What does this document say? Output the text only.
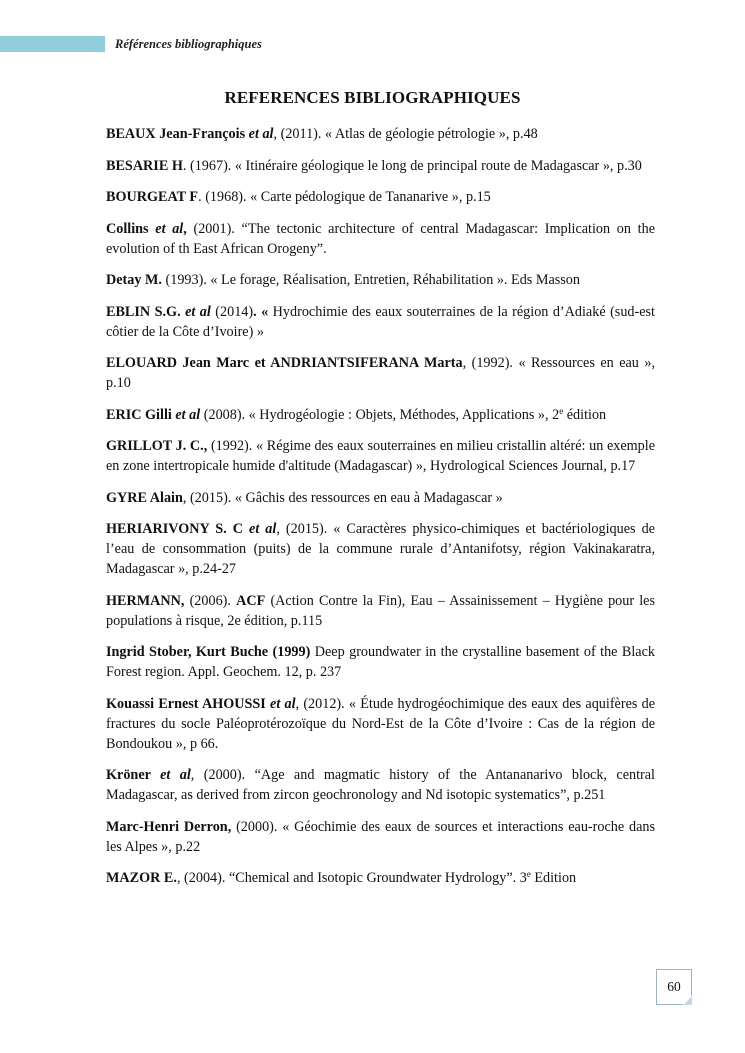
Références bibliographiques
REFERENCES BIBLIOGRAPHIQUES

BEAUX Jean-François et al, (2011). « Atlas de géologie pétrologie », p.48

BESARIE H. (1967). « Itinéraire géologique le long de principal route de Madagascar », p.30

BOURGEAT F. (1968). « Carte pédologique de Tananarive », p.15

Collins et al, (2001). “The tectonic architecture of central Madagascar: Implication on the evolution of th East African Orogeny”.

Detay M. (1993). « Le forage, Réalisation, Entretien, Réhabilitation ». Eds Masson

EBLIN S.G. et al (2014). « Hydrochimie des eaux souterraines de la région d’Adiaké (sud-est côtier de la Côte d’Ivoire) »

ELOUARD Jean Marc et ANDRIANTSIFERANA Marta, (1992). « Ressources en eau », p.10

ERIC Gilli et al (2008). « Hydrogéologie : Objets, Méthodes, Applications », 2e édition

GRILLOT J. C., (1992). « Régime des eaux souterraines en milieu cristallin altéré: un exemple en zone intertropicale humide d'altitude (Madagascar) », Hydrological Sciences Journal, p.17

GYRE Alain, (2015). « Gâchis des ressources en eau à Madagascar »

HERIARIVONY S. C et al, (2015). « Caractères physico-chimiques et bactériologiques de l’eau de consommation (puits) de la commune rurale d’Antanifotsy, région Vakinakaratra, Madagascar », p.24-27

HERMANN, (2006). ACF (Action Contre la Fin), Eau – Assainissement – Hygiène pour les populations à risque, 2e édition, p.115

Ingrid Stober, Kurt Buche (1999) Deep groundwater in the crystalline basement of the Black Forest region. Appl. Geochem. 12, p. 237

Kouassi Ernest AHOUSSI et al, (2012). « Étude hydrogéochimique des eaux des aquifères de fractures du socle Paléoprotérozoïque du Nord-Est de la Côte d’Ivoire : Cas de la région de Bondoukou », p 66.

Kröner et al, (2000). “Age and magmatic history of the Antananarivo block, central Madagascar, as derived from zircon geochronology and Nd isotopic systematics”, p.251

Marc-Henri Derron, (2000). « Géochimie des eaux de sources et interactions eau-roche dans les Alpes », p.22

MAZOR E., (2004). “Chemical and Isotopic Groundwater Hydrology”. 3e Edition

60
